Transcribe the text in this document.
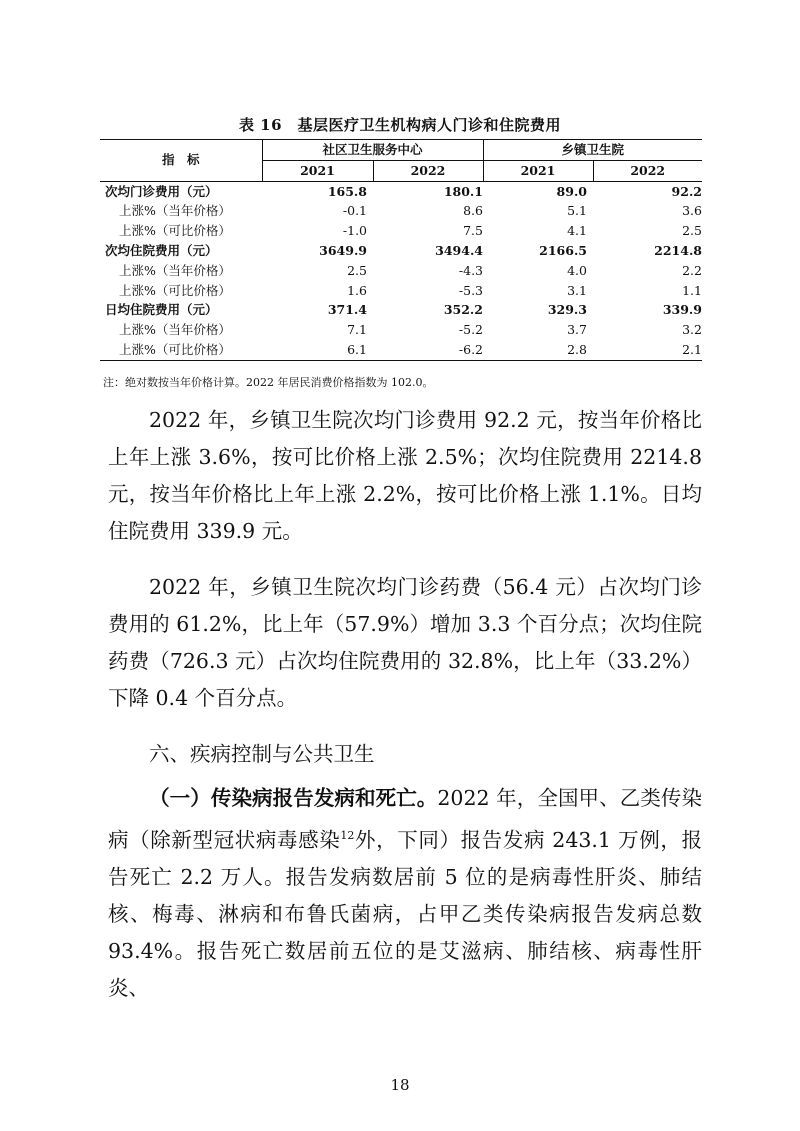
表 16　基层医疗卫生机构病人门诊和住院费用
指　标	社区卫生服务中心		乡镇卫生院	
	2021	2022	2021	2022
次均门诊费用（元）	165.8	180.1	89.0	92.2
上涨%（当年价格）	-0.1	8.6	5.1	3.6
上涨%（可比价格）	-1.0	7.5	4.1	2.5
次均住院费用（元）	3649.9	3494.4	2166.5	2214.8
上涨%（当年价格）	2.5	-4.3	4.0	2.2
上涨%（可比价格）	1.6	-5.3	3.1	1.1
日均住院费用（元）	371.4	352.2	329.3	339.9
上涨%（当年价格）	7.1	-5.2	3.7	3.2
上涨%（可比价格）	6.1	-6.2	2.8	2.1
注：绝对数按当年价格计算。2022 年居民消费价格指数为 102.0。

2022 年，乡镇卫生院次均门诊费用 92.2 元，按当年价格比上年上涨 3.6%，按可比价格上涨 2.5%；次均住院费用 2214.8 元，按当年价格比上年上涨 2.2%，按可比价格上涨 1.1%。日均住院费用 339.9 元。

2022 年，乡镇卫生院次均门诊药费（56.4 元）占次均门诊费用的 61.2%，比上年（57.9%）增加 3.3 个百分点；次均住院药费（726.3 元）占次均住院费用的 32.8%，比上年（33.2%）下降 0.4 个百分点。

六、疾病控制与公共卫生

（一）传染病报告发病和死亡。2022 年，全国甲、乙类传染病（除新型冠状病毒感染$^{12}$外，下同）报告发病 243.1 万例，报告死亡 2.2 万人。报告发病数居前 5 位的是病毒性肝炎、肺结核、梅毒、淋病和布鲁氏菌病，占甲乙类传染病报告发病总数 93.4%。报告死亡数居前五位的是艾滋病、肺结核、病毒性肝炎、

18
